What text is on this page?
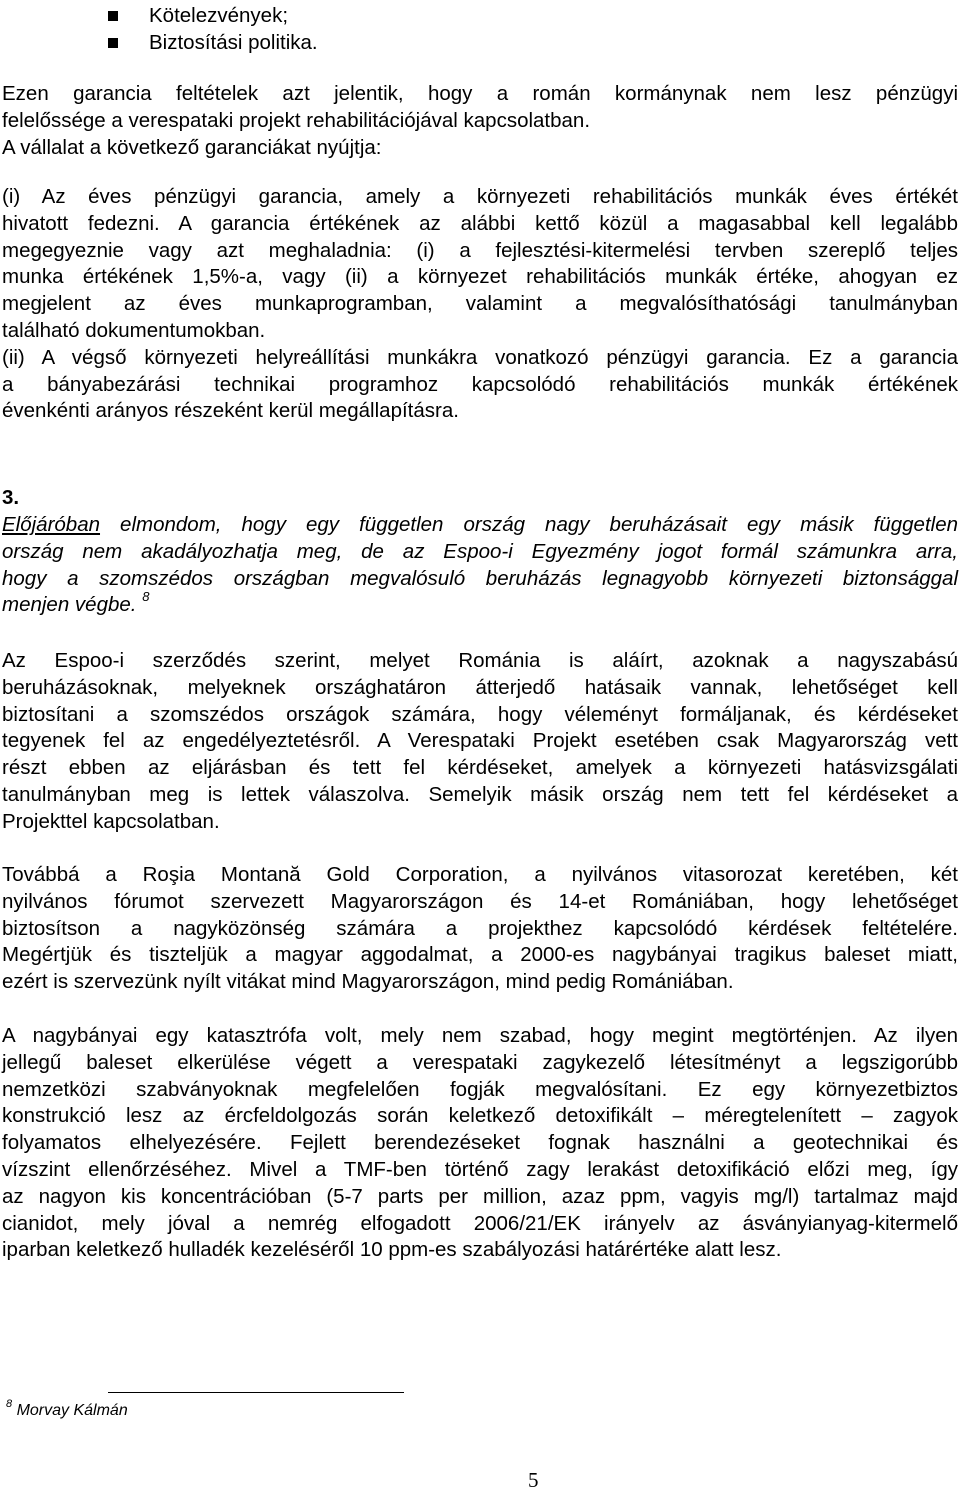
Kötelezvények;
Biztosítási politika.
Ezen garancia feltételek azt jelentik, hogy a román kormánynak nem lesz pénzügyi
felelőssége a verespataki projekt rehabilitációjával kapcsolatban.
A vállalat a következő garanciákat nyújtja:
(i) Az éves pénzügyi garancia, amely a környezeti rehabilitációs munkák éves értékét
hivatott fedezni. A garancia értékének az alábbi kettő közül a magasabbal kell legalább
megegyeznie vagy azt meghaladnia: (i) a fejlesztési-kitermelési tervben szereplő teljes
munka értékének 1,5%-a, vagy (ii) a környezet rehabilitációs munkák értéke, ahogyan ez
megjelent az éves munkaprogramban, valamint a megvalósíthatósági tanulmányban
található dokumentumokban.
(ii) A végső környezeti helyreállítási munkákra vonatkozó pénzügyi garancia. Ez a garancia
a bányabezárási technikai programhoz kapcsolódó rehabilitációs munkák értékének
évenkénti arányos részeként kerül megállapításra.
3.
Előjáróban elmondom, hogy egy független ország nagy beruházásait egy másik független
ország nem akadályozhatja meg, de az Espoo-i Egyezmény jogot formál számunkra arra,
hogy a szomszédos országban megvalósuló beruházás legnagyobb környezeti biztonsággal
menjen végbe. $^8$
Az Espoo-i szerződés szerint, melyet Románia is aláírt, azoknak a nagyszabású
beruházásoknak, melyeknek országhatáron átterjedő hatásaik vannak, lehetőséget kell
biztosítani a szomszédos országok számára, hogy véleményt formáljanak, és kérdéseket
tegyenek fel az engedélyeztetésről. A Verespataki Projekt esetében csak Magyarország vett
részt ebben az eljárásban és tett fel kérdéseket, amelyek a környezeti hatásvizsgálati
tanulmányban meg is lettek válaszolva. Semelyik másik ország nem tett fel kérdéseket a
Projekttel kapcsolatban.
Továbbá a Roşia Montană Gold Corporation, a nyilvános vitasorozat keretében, két
nyilvános fórumot szervezett Magyarországon és 14-et Romániában, hogy lehetőséget
biztosítson a nagyközönség számára a projekthez kapcsolódó kérdések feltételére.
Megértjük és tiszteljük a magyar aggodalmat, a 2000-es nagybányai tragikus baleset miatt,
ezért is szervezünk nyílt vitákat mind Magyarországon, mind pedig Romániában.
A nagybányai egy katasztrófa volt, mely nem szabad, hogy megint megtörténjen. Az ilyen
jellegű baleset elkerülése végett a verespataki zagykezelő létesítményt a legszigorúbb
nemzetközi szabványoknak megfelelően fogják megvalósítani. Ez egy környezetbiztos
konstrukció lesz az ércfeldolgozás során keletkező detoxifikált – méregtelenített – zagyok
folyamatos elhelyezésére. Fejlett berendezéseket fognak használni a geotechnikai és
vízszint ellenőrzéséhez. Mivel a TMF-ben történő zagy lerakást detoxifikáció előzi meg, így
az nagyon kis koncentrációban (5-7 parts per million, azaz ppm, vagyis mg/l) tartalmaz majd
cianidot, mely jóval a nemrég elfogadott 2006/21/EK irányelv az ásványianyag-kitermelő
iparban keletkező hulladék kezeléséről 10 ppm-es szabályozási határértéke alatt lesz.
$^8$ Morvay Kálmán
5
